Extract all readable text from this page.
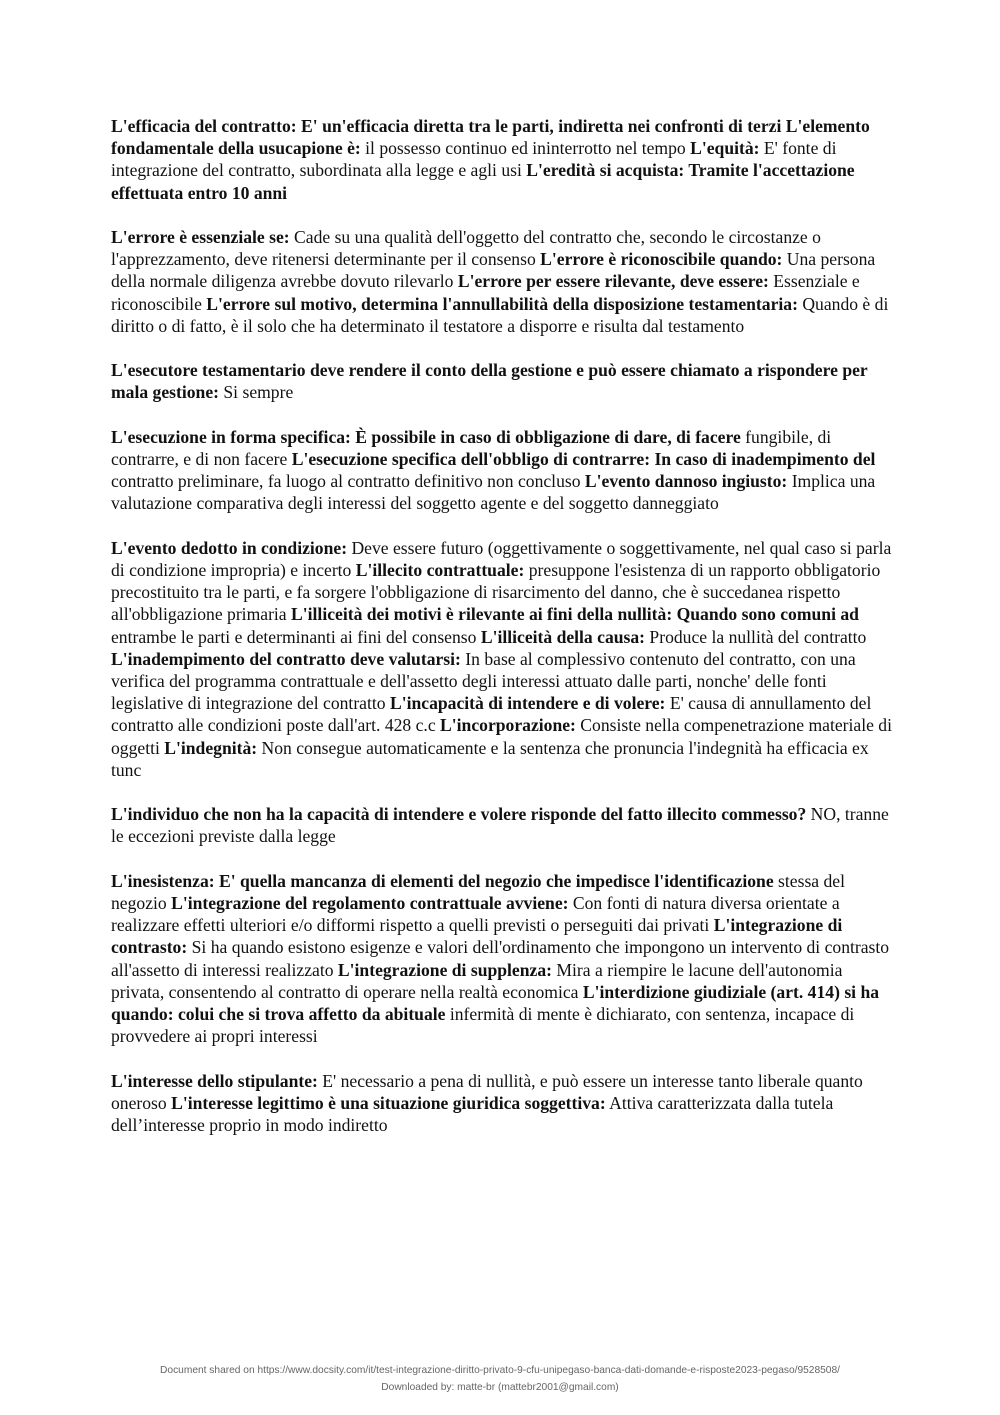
L'efficacia del contratto: E' un'efficacia diretta tra le parti, indiretta nei confronti di terzi L'elemento fondamentale della usucapione è: il possesso continuo ed ininterrotto nel tempo L'equità: E' fonte di integrazione del contratto, subordinata alla legge e agli usi L'eredità si acquista: Tramite l'accettazione effettuata entro 10 anni

L'errore è essenziale se: Cade su una qualità dell'oggetto del contratto che, secondo le circostanze o l'apprezzamento, deve ritenersi determinante per il consenso L'errore è riconoscibile quando: Una persona della normale diligenza avrebbe dovuto rilevarlo L'errore per essere rilevante, deve essere: Essenziale e riconoscibile L'errore sul motivo, determina l'annullabilità della disposizione testamentaria: Quando è di diritto o di fatto, è il solo che ha determinato il testatore a disporre e risulta dal testamento

L'esecutore testamentario deve rendere il conto della gestione e può essere chiamato a rispondere per mala gestione: Si sempre

L'esecuzione in forma specifica: È possibile in caso di obbligazione di dare, di facere fungibile, di contrarre, e di non facere L'esecuzione specifica dell'obbligo di contrarre: In caso di inadempimento del contratto preliminare, fa luogo al contratto definitivo non concluso L'evento dannoso ingiusto: Implica una valutazione comparativa degli interessi del soggetto agente e del soggetto danneggiato

L'evento dedotto in condizione: Deve essere futuro (oggettivamente o soggettivamente, nel qual caso si parla di condizione impropria) e incerto L'illecito contrattuale: presuppone l'esistenza di un rapporto obbligatorio precostituito tra le parti, e fa sorgere l'obbligazione di risarcimento del danno, che è succedanea rispetto all'obbligazione primaria L'illiceità dei motivi è rilevante ai fini della nullità: Quando sono comuni ad entrambe le parti e determinanti ai fini del consenso L'illiceità della causa: Produce la nullità del contratto L'inadempimento del contratto deve valutarsi: In base al complessivo contenuto del contratto, con una verifica del programma contrattuale e dell'assetto degli interessi attuato dalle parti, nonche' delle fonti legislative di integrazione del contratto L'incapacità di intendere e di volere: E' causa di annullamento del contratto alle condizioni poste dall'art. 428 c.c L'incorporazione: Consiste nella compenetrazione materiale di oggetti L'indegnità: Non consegue automaticamente e la sentenza che pronuncia l'indegnità ha efficacia ex tunc

L'individuo che non ha la capacità di intendere e volere risponde del fatto illecito commesso? NO, tranne le eccezioni previste dalla legge

L'inesistenza: E' quella mancanza di elementi del negozio che impedisce l'identificazione stessa del negozio L'integrazione del regolamento contrattuale avviene: Con fonti di natura diversa orientate a realizzare effetti ulteriori e/o difformi rispetto a quelli previsti o perseguiti dai privati L'integrazione di contrasto: Si ha quando esistono esigenze e valori dell'ordinamento che impongono un intervento di contrasto all'assetto di interessi realizzato L'integrazione di supplenza: Mira a riempire le lacune dell'autonomia privata, consentendo al contratto di operare nella realtà economica L'interdizione giudiziale (art. 414) si ha quando: colui che si trova affetto da abituale infermità di mente è dichiarato, con sentenza, incapace di provvedere ai propri interessi

L'interesse dello stipulante: E' necessario a pena di nullità, e può essere un interesse tanto liberale quanto oneroso L'interesse legittimo è una situazione giuridica soggettiva: Attiva caratterizzata dalla tutela dell’interesse proprio in modo indiretto

Document shared on https://www.docsity.com/it/test-integrazione-diritto-privato-9-cfu-unipegaso-banca-dati-domande-e-risposte2023-pegaso/9528508/
Downloaded by: matte-br (mattebr2001@gmail.com)
